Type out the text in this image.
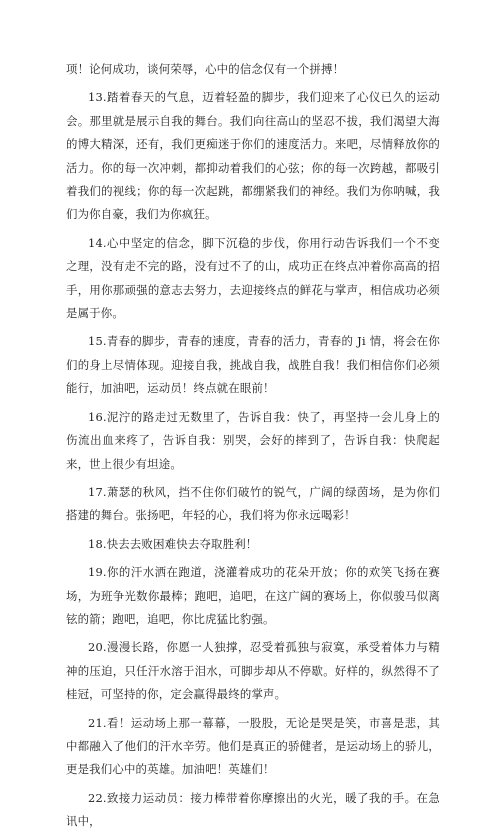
项！论何成功，谈何荣辱，心中的信念仅有一个拼搏！

13.踏着春天的气息，迈着轻盈的脚步，我们迎来了心仪已久的运动会。那里就是展示自我的舞台。我们向往高山的坚忍不拔，我们渴望大海的博大精深，还有，我们更痴迷于你们的速度活力。来吧，尽情释放你的活力。你的每一次冲刺，都抑动着我们的心弦；你的每一次跨越，都吸引着我们的视线；你的每一次起跳，都绷紧我们的神经。我们为你呐喊，我们为你自豪，我们为你疯狂。

14.心中坚定的信念，脚下沉稳的步伐，你用行动告诉我们一个不变之理，没有走不完的路，没有过不了的山，成功正在终点冲着你高高的招手，用你那顽强的意志去努力，去迎接终点的鲜花与掌声，相信成功必须是属于你。

15.青春的脚步，青春的速度，青春的活力，青春的 Ji 情，将会在你们的身上尽情体现。迎接自我，挑战自我，战胜自我！我们相信你们必须能行，加油吧，运动员！终点就在眼前！

16.泥泞的路走过无数里了，告诉自我：快了，再坚持一会儿身上的伤流出血来疼了，告诉自我：别哭，会好的摔到了，告诉自我：快爬起来，世上很少有坦途。

17.萧瑟的秋风，挡不住你们破竹的锐气，广阔的绿茵场，是为你们搭建的舞台。张扬吧，年轻的心，我们将为你永远喝彩！

18.快去去败困难快去夺取胜利！

19.你的汗水洒在跑道，浇灌着成功的花朵开放；你的欢笑飞扬在赛场，为班争光数你最棒；跑吧，追吧，在这广阔的赛场上，你似骏马似离铉的箭；跑吧，追吧，你比虎猛比豹强。

20.漫漫长路，你愿一人独撑，忍受着孤独与寂寞，承受着体力与精神的压迫，只任汗水溶于泪水，可脚步却从不停歇。好样的，纵然得不了桂冠，可坚持的你，定会赢得最终的掌声。

21.看！运动场上那一幕幕，一股股，无论是哭是笑，市喜是悲，其中都融入了他们的汗水辛劳。他们是真正的骄健者，是运动场上的骄儿，更是我们心中的英雄。加油吧！英雄们！

22.致接力运动员：接力棒带着你摩擦出的火光，暖了我的手。在急讯中，
